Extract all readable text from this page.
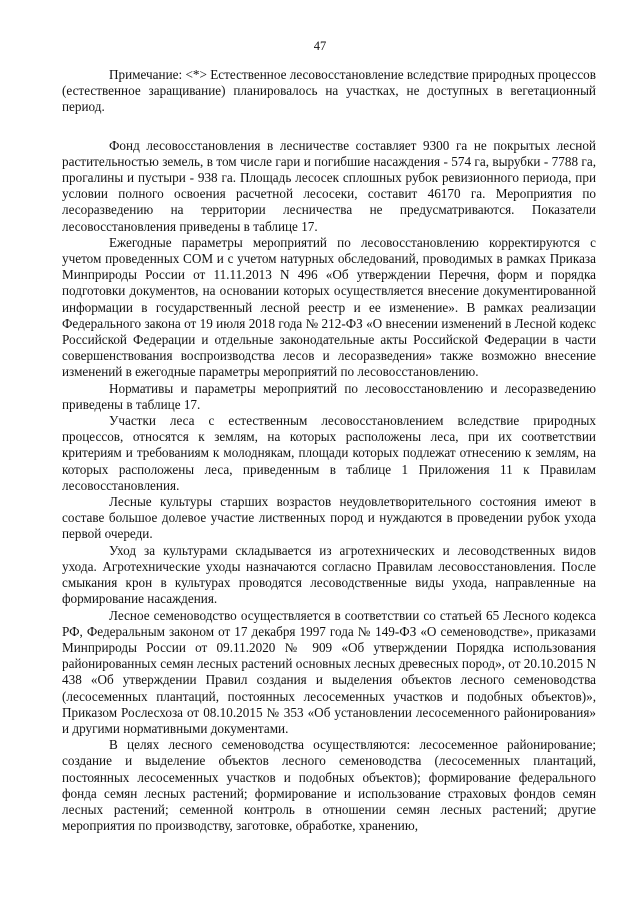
47

Примечание: <*> Естественное лесовосстановление вследствие природных процессов (естественное заращивание) планировалось на участках, не доступных в вегетационный период.

Фонд лесовосстановления в лесничестве составляет 9300 га не покрытых лесной растительностью земель, в том числе гари и погибшие насаждения - 574 га, вырубки - 7788 га, прогалины и пустыри - 938 га. Площадь лесосек сплошных рубок ревизионного периода, при условии полного освоения расчетной лесосеки, составит 46170 га. Мероприятия по лесоразведению на территории лесничества не предусматриваются. Показатели лесовосстановления приведены в таблице 17.

Ежегодные параметры мероприятий по лесовосстановлению корректируются с учетом проведенных СОМ и с учетом натурных обследований, проводимых в рамках Приказа Минприроды России от 11.11.2013 N 496 «Об утверждении Перечня, форм и порядка подготовки документов, на основании которых осуществляется внесение документированной информации в государственный лесной реестр и ее изменение». В рамках реализации Федерального закона от 19 июля 2018 года № 212-ФЗ «О внесении изменений в Лесной кодекс Российской Федерации и отдельные законодательные акты Российской Федерации в части совершенствования воспроизводства лесов и лесоразведения» также возможно внесение изменений в ежегодные параметры мероприятий по лесовосстановлению.

Нормативы и параметры мероприятий по лесовосстановлению и лесоразведению приведены в таблице 17.

Участки леса с естественным лесовосстановлением вследствие природных процессов, относятся к землям, на которых расположены леса, при их соответствии критериям и требованиям к молоднякам, площади которых подлежат отнесению к землям, на которых расположены леса, приведенным в таблице 1 Приложения 11 к Правилам лесовосстановления.

Лесные культуры старших возрастов неудовлетворительного состояния имеют в составе большое долевое участие лиственных пород и нуждаются в проведении рубок ухода первой очереди.

Уход за культурами складывается из агротехнических и лесоводственных видов ухода. Агротехнические уходы назначаются согласно Правилам лесовосстановления. После смыкания крон в культурах проводятся лесоводственные виды ухода, направленные на формирование насаждения.

Лесное семеноводство осуществляется в соответствии со статьей 65 Лесного кодекса РФ, Федеральным законом от 17 декабря 1997 года № 149-ФЗ «О семеноводстве», приказами Минприроды России от 09.11.2020 № 909 «Об утверждении Порядка использования районированных семян лесных растений основных лесных древесных пород», от 20.10.2015 N 438 «Об утверждении Правил создания и выделения объектов лесного семеноводства (лесосеменных плантаций, постоянных лесосеменных участков и подобных объектов)», Приказом Рослесхоза от 08.10.2015 № 353 «Об установлении лесосеменного районирования» и другими нормативными документами.

В целях лесного семеноводства осуществляются: лесосеменное районирование; создание и выделение объектов лесного семеноводства (лесосеменных плантаций, постоянных лесосеменных участков и подобных объектов); формирование федерального фонда семян лесных растений; формирование и использование страховых фондов семян лесных растений; семенной контроль в отношении семян лесных растений; другие мероприятия по производству, заготовке, обработке, хранению,
